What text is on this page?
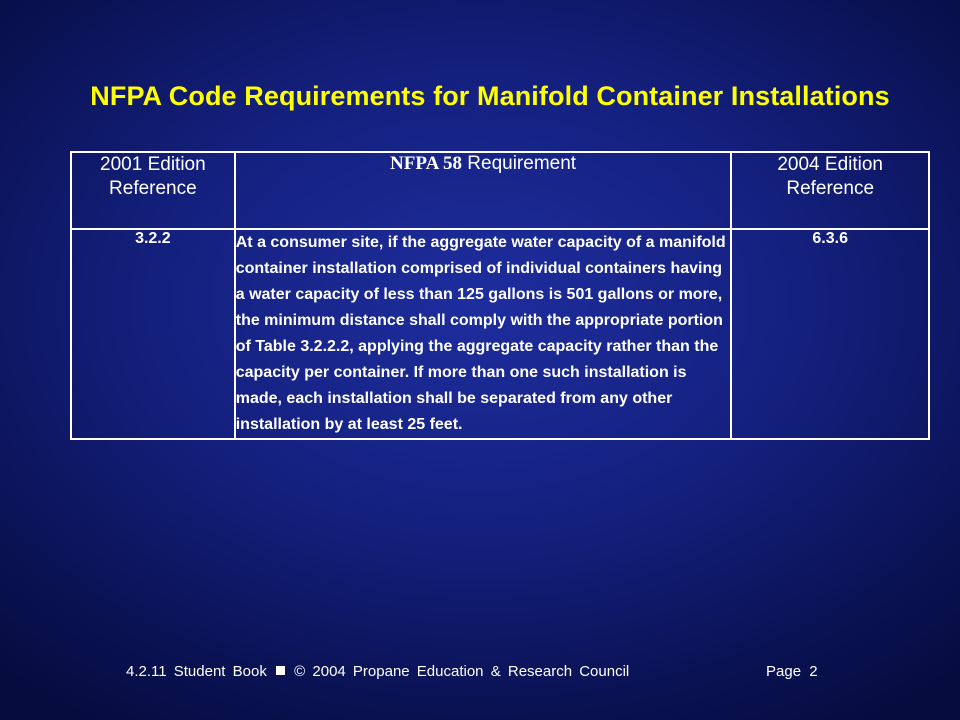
NFPA Code Requirements for Manifold Container Installations
2001 Edition Reference	NFPA 58 Requirement	2004 Edition Reference
3.2.2	At a consumer site, if the aggregate water capacity of a manifold container installation comprised of individual containers having a water capacity of less than 125 gallons is 501 gallons or more, the minimum distance shall comply with the appropriate portion of Table 3.2.2.2, applying the aggregate capacity rather than the capacity per container. If more than one such installation is made, each installation shall be separated from any other installation by at least 25 feet.	6.3.6
4.2.11 Student Book © 2004 Propane Education & Research Council	Page 2
